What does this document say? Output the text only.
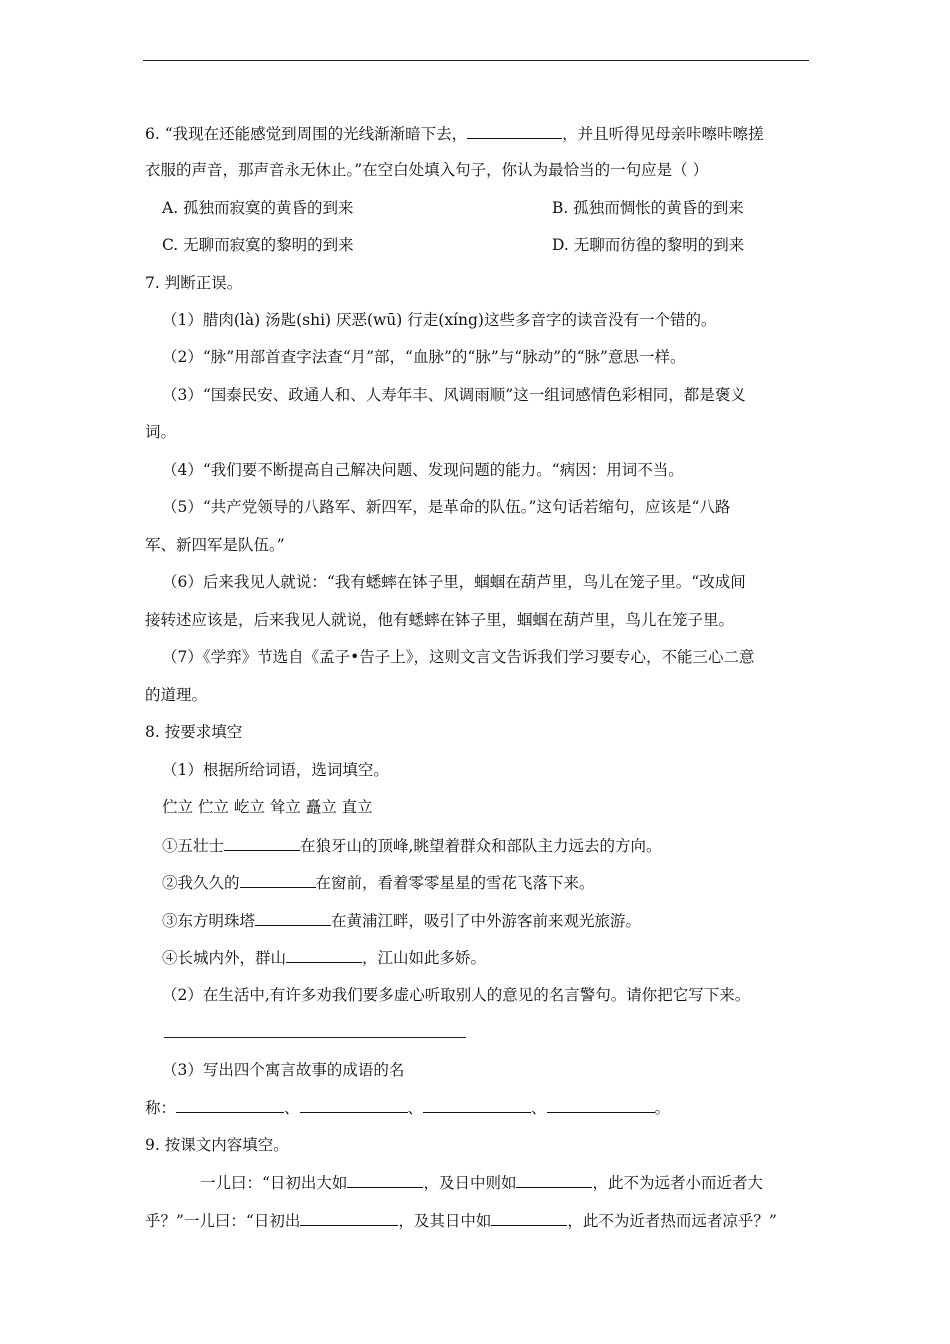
6. “我现在还能感觉到周围的光线渐渐暗下去，	，并且听得见母亲咔嚓咔嚓搓
衣服的声音，那声音永无休止。”在空白处填入句子，你认为最恰当的一句应是（ ）
A. 孤独而寂寞的黄昏的到来	B. 孤独而惆怅的黄昏的到来
C. 无聊而寂寞的黎明的到来	D. 无聊而彷徨的黎明的到来
7. 判断正误。
（1）腊肉(là) 汤匙(shi) 厌恶(wū) 行走(xíng)这些多音字的读音没有一个错的。
（2）“脉”用部首查字法查“月”部，“血脉”的“脉”与“脉动”的“脉”意思一样。
（3）“国泰民安、政通人和、人寿年丰、风调雨顺”这一组词感情色彩相同，都是褒义
词。
（4）“我们要不断提高自己解决问题、发现问题的能力。“病因：用词不当。
（5）“共产党领导的八路军、新四军，是革命的队伍。”这句话若缩句，应该是“八路
军、新四军是队伍。”
（6）后来我见人就说：“我有蟋蟀在钵子里，蝈蝈在葫芦里，鸟儿在笼子里。“改成间
接转述应该是，后来我见人就说，他有蟋蟀在钵子里，蝈蝈在葫芦里，鸟儿在笼子里。
（7）《学弈》节选自《孟子•告子上》，这则文言文告诉我们学习要专心，不能三心二意
的道理。
8. 按要求填空
（1）根据所给词语，选词填空。
伫立 伫立 屹立 耸立 矗立 直立
①五壮士	在狼牙山的顶峰,眺望着群众和部队主力远去的方向。
②我久久的	在窗前，看着零零星星的雪花飞落下来。
③东方明珠塔	在黄浦江畔，吸引了中外游客前来观光旅游。
④长城内外，群山	，江山如此多娇。
（2）在生活中,有许多劝我们要多虚心听取别人的意见的名言警句。请你把它写下来。
（3）写出四个寓言故事的成语的名
称：	、	、	、	。
9. 按课文内容填空。
一儿曰：“日初出大如	，及日中则如	，此不为远者小而近者大
乎？”一儿曰：“日初出	，及其日中如	，此不为近者热而远者凉乎？”
